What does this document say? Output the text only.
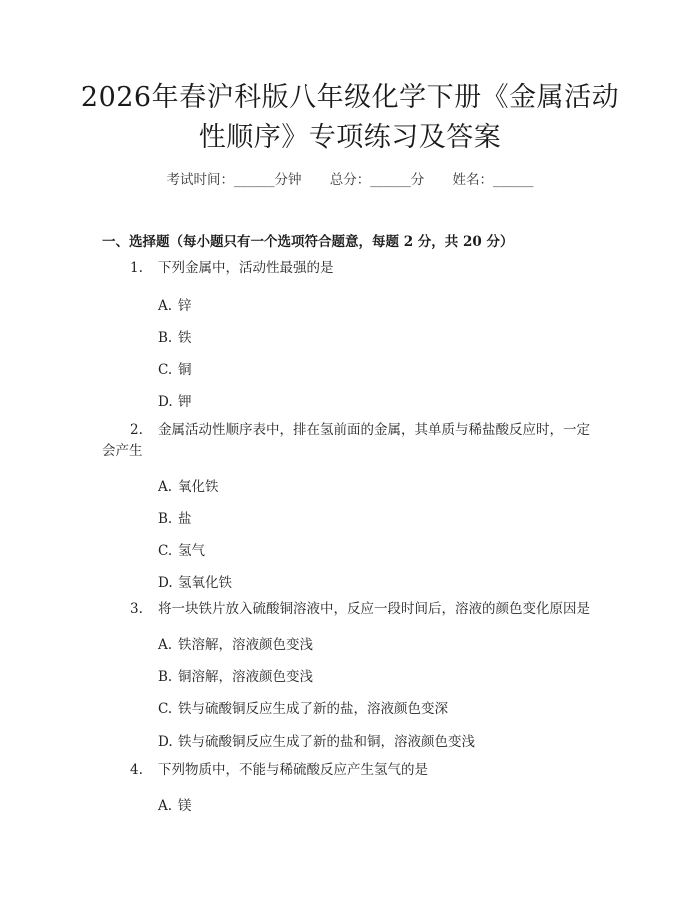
2026年春沪科版八年级化学下册《金属活动
性顺序》专项练习及答案
考试时间：______分钟 总分：______分 姓名：______
一、选择题（每小题只有一个选项符合题意，每题 2 分，共 20 分）
1. 下列金属中，活动性最强的是
A. 锌
B. 铁
C. 铜
D. 钾
2. 金属活动性顺序表中，排在氢前面的金属，其单质与稀盐酸反应时，一定会产生
A. 氧化铁
B. 盐
C. 氢气
D. 氢氧化铁
3. 将一块铁片放入硫酸铜溶液中，反应一段时间后，溶液的颜色变化原因是
A. 铁溶解，溶液颜色变浅
B. 铜溶解，溶液颜色变浅
C. 铁与硫酸铜反应生成了新的盐，溶液颜色变深
D. 铁与硫酸铜反应生成了新的盐和铜，溶液颜色变浅
4. 下列物质中，不能与稀硫酸反应产生氢气的是
A. 镁
